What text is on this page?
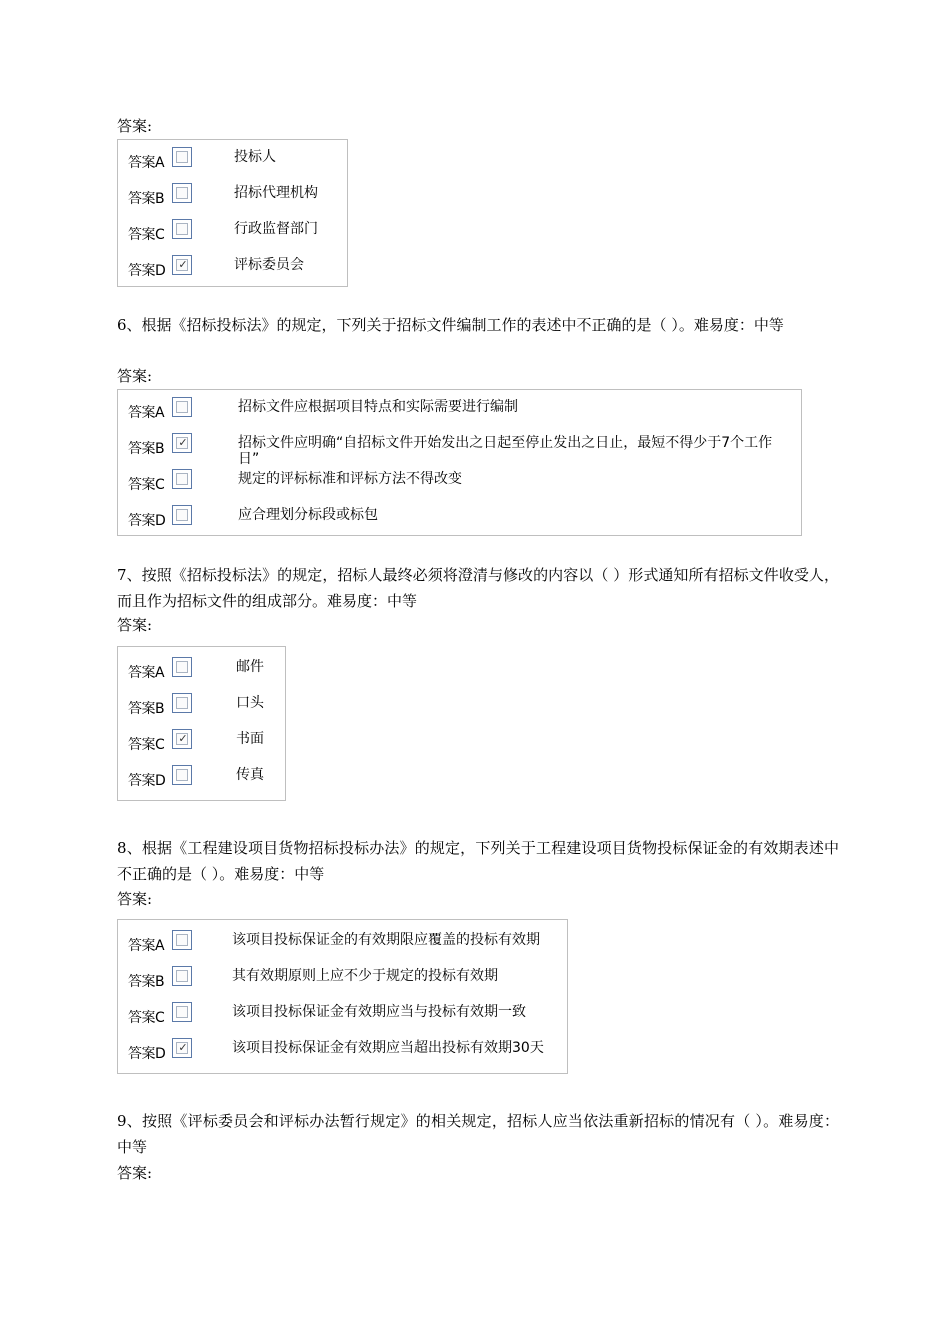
答案:
答案A	投标人
答案B	招标代理机构
答案C	行政监督部门
答案D ✓	评标委员会
6、根据《招标投标法》的规定，下列关于招标文件编制工作的表述中不正确的是（ ）。难易度：中等
答案:
答案A	招标文件应根据项目特点和实际需要进行编制
答案B ✓	招标文件应明确“自招标文件开始发出之日起至停止发出之日止，最短不得少于7个工作日”
答案C	规定的评标标准和评标方法不得改变
答案D	应合理划分标段或标包
7、按照《招标投标法》的规定，招标人最终必须将澄清与修改的内容以（ ）形式通知所有招标文件收受人，而且作为招标文件的组成部分。难易度：中等
答案:
答案A	邮件
答案B	口头
答案C ✓	书面
答案D	传真
8、根据《工程建设项目货物招标投标办法》的规定，下列关于工程建设项目货物投标保证金的有效期表述中不正确的是（ ）。难易度：中等
答案:
答案A	该项目投标保证金的有效期限应覆盖的投标有效期
答案B	其有效期原则上应不少于规定的投标有效期
答案C	该项目投标保证金有效期应当与投标有效期一致
答案D ✓	该项目投标保证金有效期应当超出投标有效期30天
9、按照《评标委员会和评标办法暂行规定》的相关规定，招标人应当依法重新招标的情况有（ ）。难易度：中等
答案:
